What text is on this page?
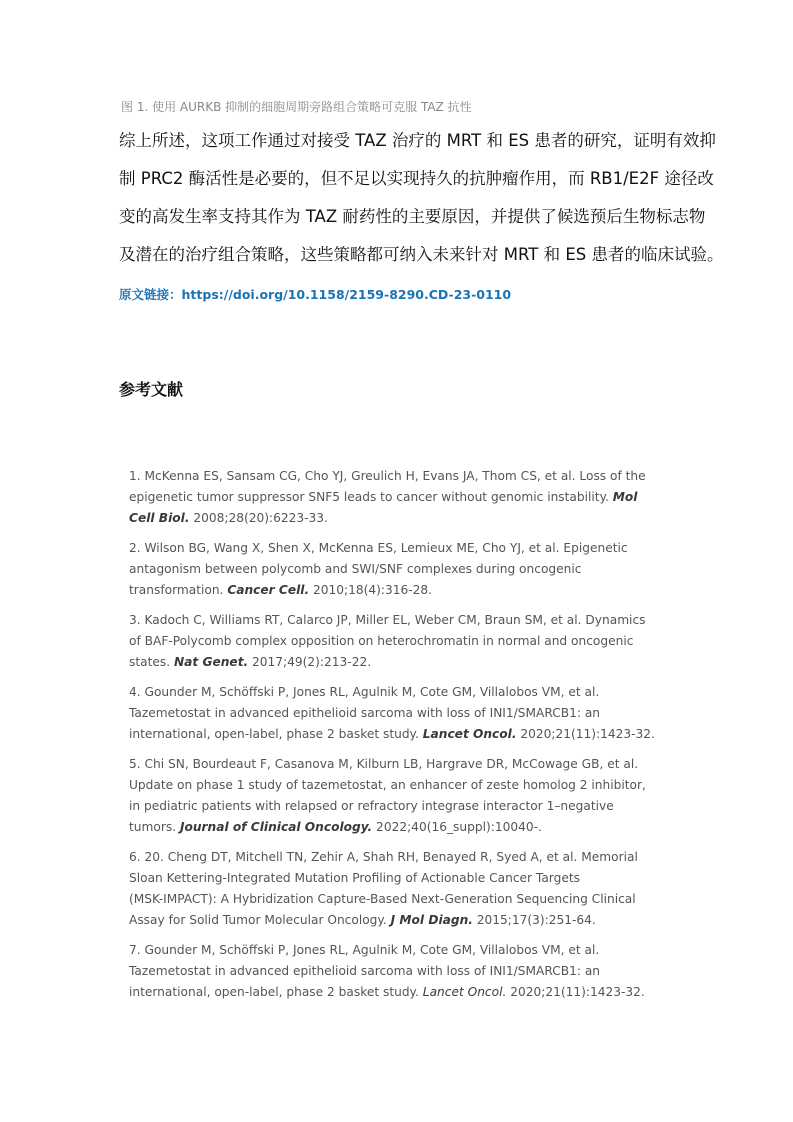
图 1. 使用 AURKB 抑制的细胞周期旁路组合策略可克服 TAZ 抗性
综上所述，这项工作通过对接受 TAZ 治疗的 MRT 和 ES 患者的研究，证明有效抑
制 PRC2 酶活性是必要的，但不足以实现持久的抗肿瘤作用，而 RB1/E2F 途径改
变的高发生率支持其作为 TAZ 耐药性的主要原因，并提供了候选预后生物标志物
及潜在的治疗组合策略，这些策略都可纳入未来针对 MRT 和 ES 患者的临床试验。
原文链接：https://doi.org/10.1158/2159-8290.CD-23-0110
参考文献
1. McKenna ES, Sansam CG, Cho YJ, Greulich H, Evans JA, Thom CS, et al. Loss of the
epigenetic tumor suppressor SNF5 leads to cancer without genomic instability. Mol
Cell Biol. 2008;28(20):6223-33.
2. Wilson BG, Wang X, Shen X, McKenna ES, Lemieux ME, Cho YJ, et al. Epigenetic
antagonism between polycomb and SWI/SNF complexes during oncogenic
transformation. Cancer Cell. 2010;18(4):316-28.
3. Kadoch C, Williams RT, Calarco JP, Miller EL, Weber CM, Braun SM, et al. Dynamics
of BAF-Polycomb complex opposition on heterochromatin in normal and oncogenic
states. Nat Genet. 2017;49(2):213-22.
4. Gounder M, Schöffski P, Jones RL, Agulnik M, Cote GM, Villalobos VM, et al.
Tazemetostat in advanced epithelioid sarcoma with loss of INI1/SMARCB1: an
international, open-label, phase 2 basket study. Lancet Oncol. 2020;21(11):1423-32.
5. Chi SN, Bourdeaut F, Casanova M, Kilburn LB, Hargrave DR, McCowage GB, et al.
Update on phase 1 study of tazemetostat, an enhancer of zeste homolog 2 inhibitor,
in pediatric patients with relapsed or refractory integrase interactor 1–negative
tumors. Journal of Clinical Oncology. 2022;40(16_suppl):10040-.
6. 20. Cheng DT, Mitchell TN, Zehir A, Shah RH, Benayed R, Syed A, et al. Memorial
Sloan Kettering-Integrated Mutation Profiling of Actionable Cancer Targets
(MSK-IMPACT): A Hybridization Capture-Based Next-Generation Sequencing Clinical
Assay for Solid Tumor Molecular Oncology. J Mol Diagn. 2015;17(3):251-64.
7. Gounder M, Schöffski P, Jones RL, Agulnik M, Cote GM, Villalobos VM, et al.
Tazemetostat in advanced epithelioid sarcoma with loss of INI1/SMARCB1: an
international, open-label, phase 2 basket study. Lancet Oncol. 2020;21(11):1423-32.
